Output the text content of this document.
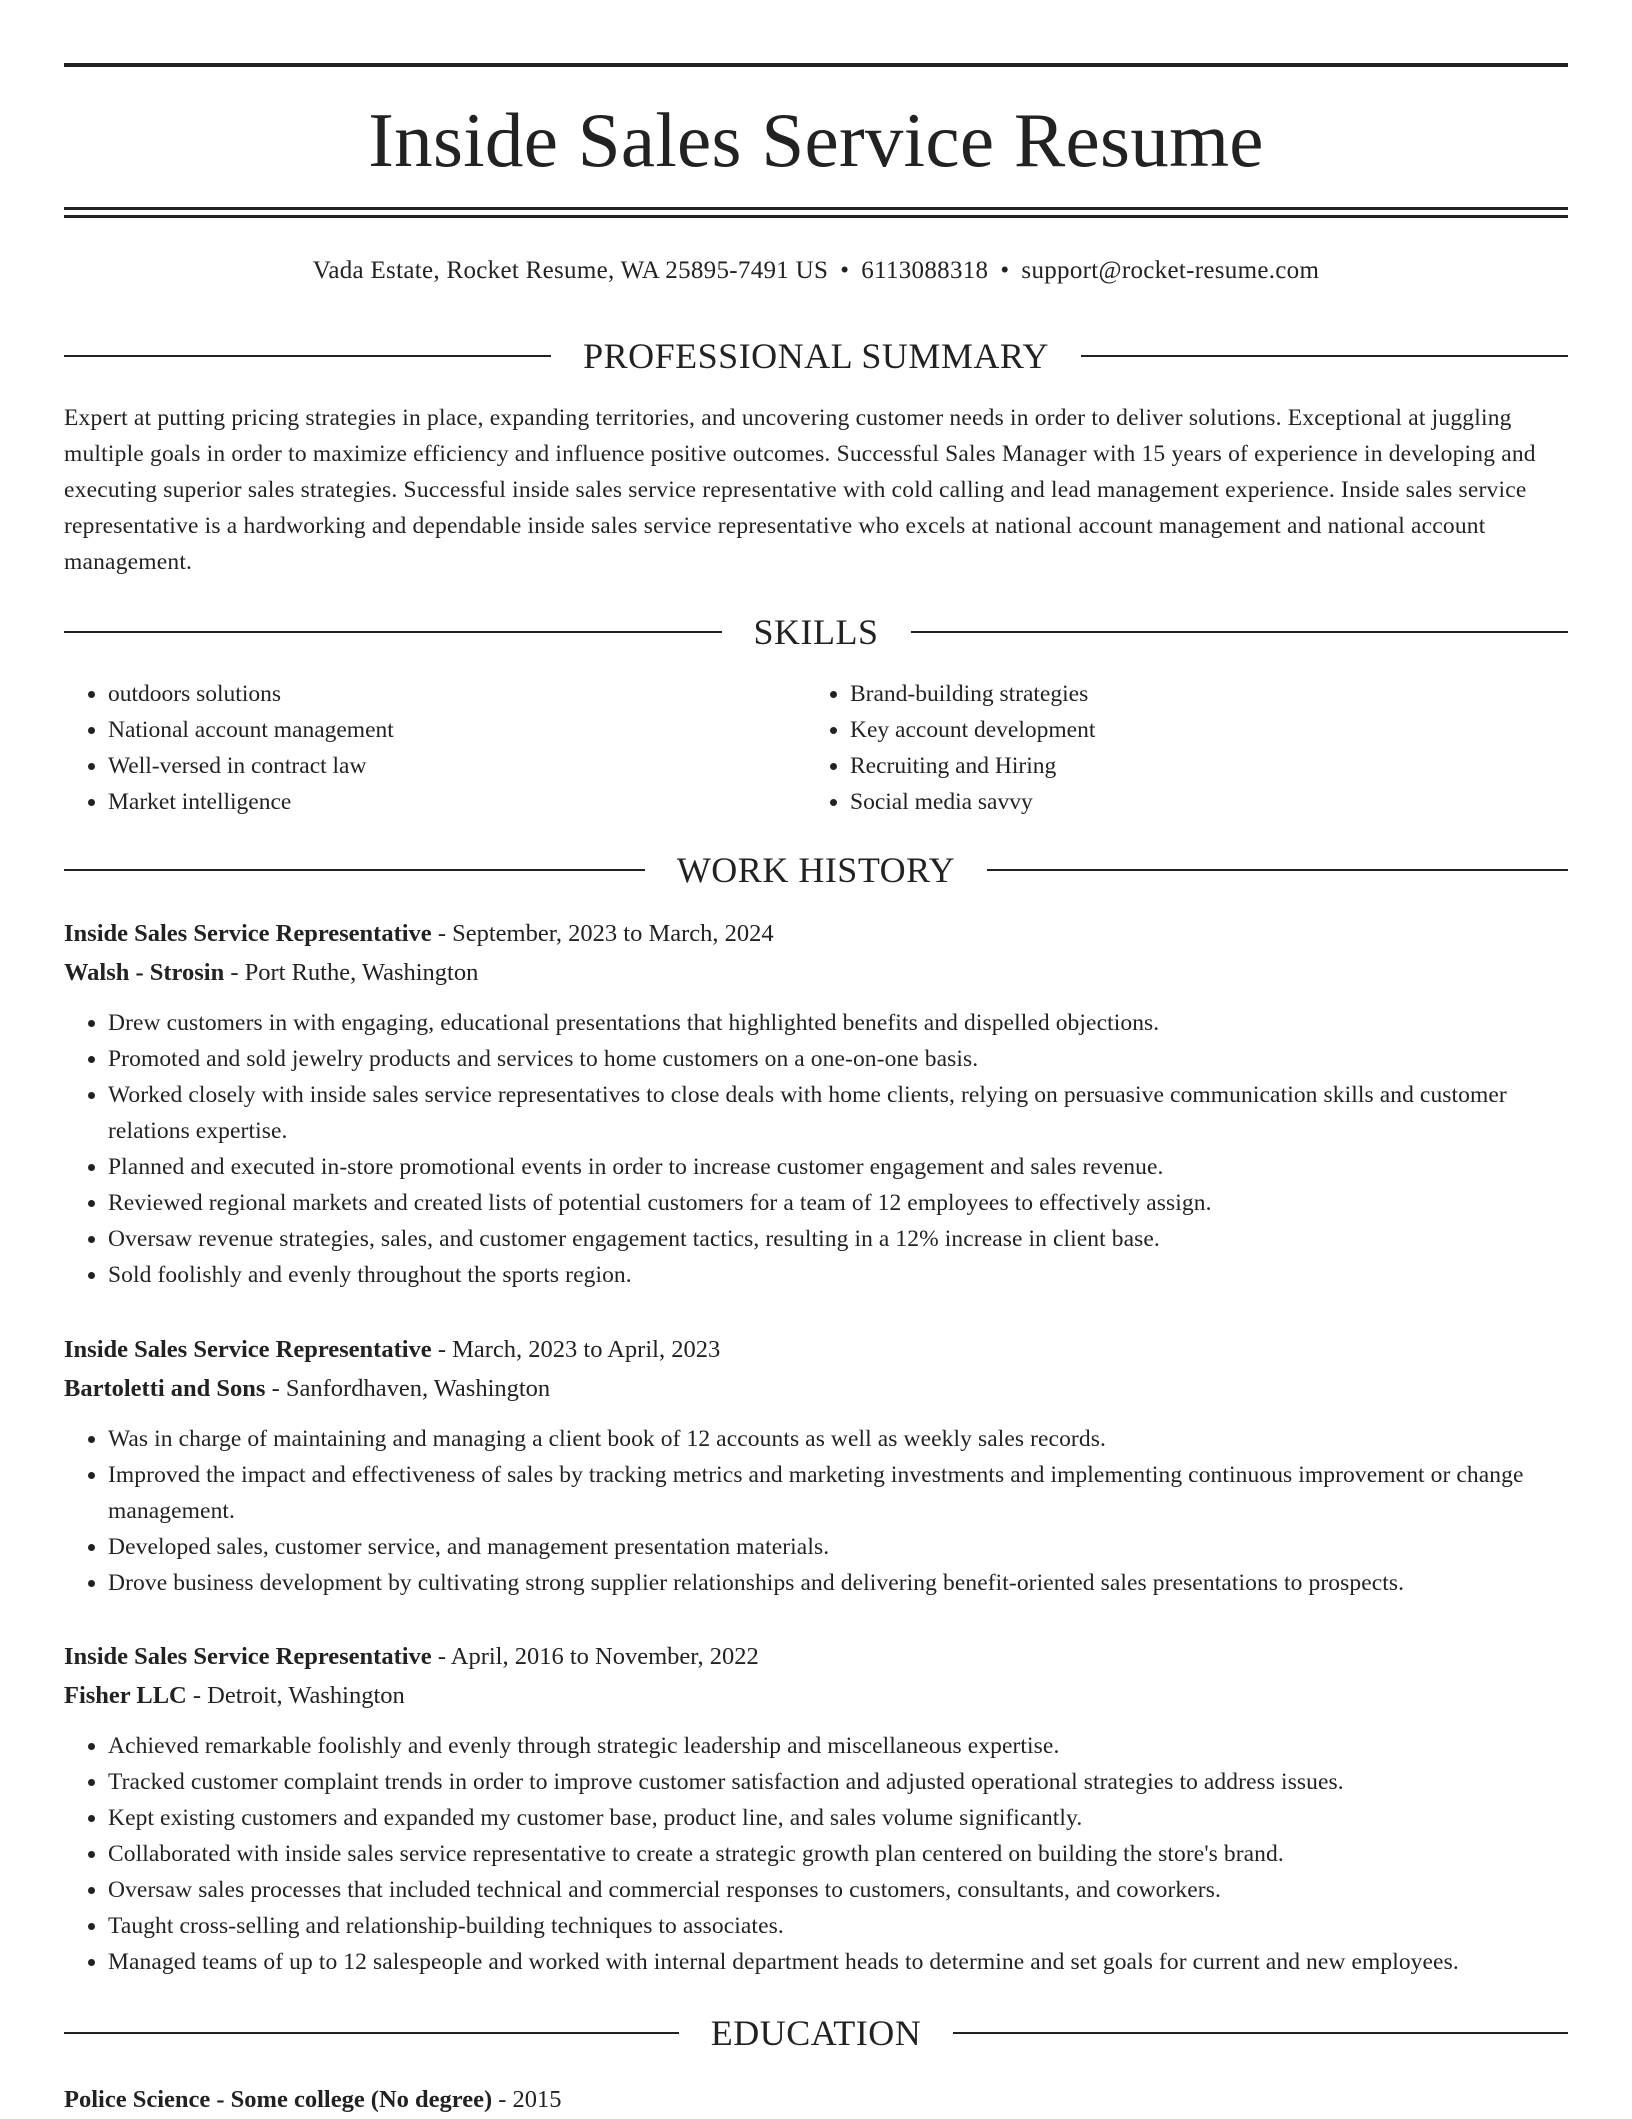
Inside Sales Service Resume
Vada Estate, Rocket Resume, WA 25895-7491 US • 6113088318 • support@rocket-resume.com
PROFESSIONAL SUMMARY

Expert at putting pricing strategies in place, expanding territories, and uncovering customer needs in order to deliver solutions. Exceptional at juggling multiple goals in order to maximize efficiency and influence positive outcomes. Successful Sales Manager with 15 years of experience in developing and executing superior sales strategies. Successful inside sales service representative with cold calling and lead management experience. Inside sales service representative is a hardworking and dependable inside sales service representative who excels at national account management and national account management.

SKILLS
• outdoors solutions
• National account management
• Well-versed in contract law
• Market intelligence
• Brand-building strategies
• Key account development
• Recruiting and Hiring
• Social media savvy
WORK HISTORY

Inside Sales Service Representative - September, 2023 to March, 2024

Walsh - Strosin - Port Ruthe, Washington

• Drew customers in with engaging, educational presentations that highlighted benefits and dispelled objections.
• Promoted and sold jewelry products and services to home customers on a one-on-one basis.
• Worked closely with inside sales service representatives to close deals with home clients, relying on persuasive communication skills and customer relations expertise.
• Planned and executed in-store promotional events in order to increase customer engagement and sales revenue.
• Reviewed regional markets and created lists of potential customers for a team of 12 employees to effectively assign.
• Oversaw revenue strategies, sales, and customer engagement tactics, resulting in a 12% increase in client base.
• Sold foolishly and evenly throughout the sports region.

Inside Sales Service Representative - March, 2023 to April, 2023

Bartoletti and Sons - Sanfordhaven, Washington

• Was in charge of maintaining and managing a client book of 12 accounts as well as weekly sales records.
• Improved the impact and effectiveness of sales by tracking metrics and marketing investments and implementing continuous improvement or change management.
• Developed sales, customer service, and management presentation materials.
• Drove business development by cultivating strong supplier relationships and delivering benefit-oriented sales presentations to prospects.

Inside Sales Service Representative - April, 2016 to November, 2022

Fisher LLC - Detroit, Washington

• Achieved remarkable foolishly and evenly through strategic leadership and miscellaneous expertise.
• Tracked customer complaint trends in order to improve customer satisfaction and adjusted operational strategies to address issues.
• Kept existing customers and expanded my customer base, product line, and sales volume significantly.
• Collaborated with inside sales service representative to create a strategic growth plan centered on building the store's brand.
• Oversaw sales processes that included technical and commercial responses to customers, consultants, and coworkers.
• Taught cross-selling and relationship-building techniques to associates.
• Managed teams of up to 12 salespeople and worked with internal department heads to determine and set goals for current and new employees.
EDUCATION

Police Science - Some college (No degree) - 2015
